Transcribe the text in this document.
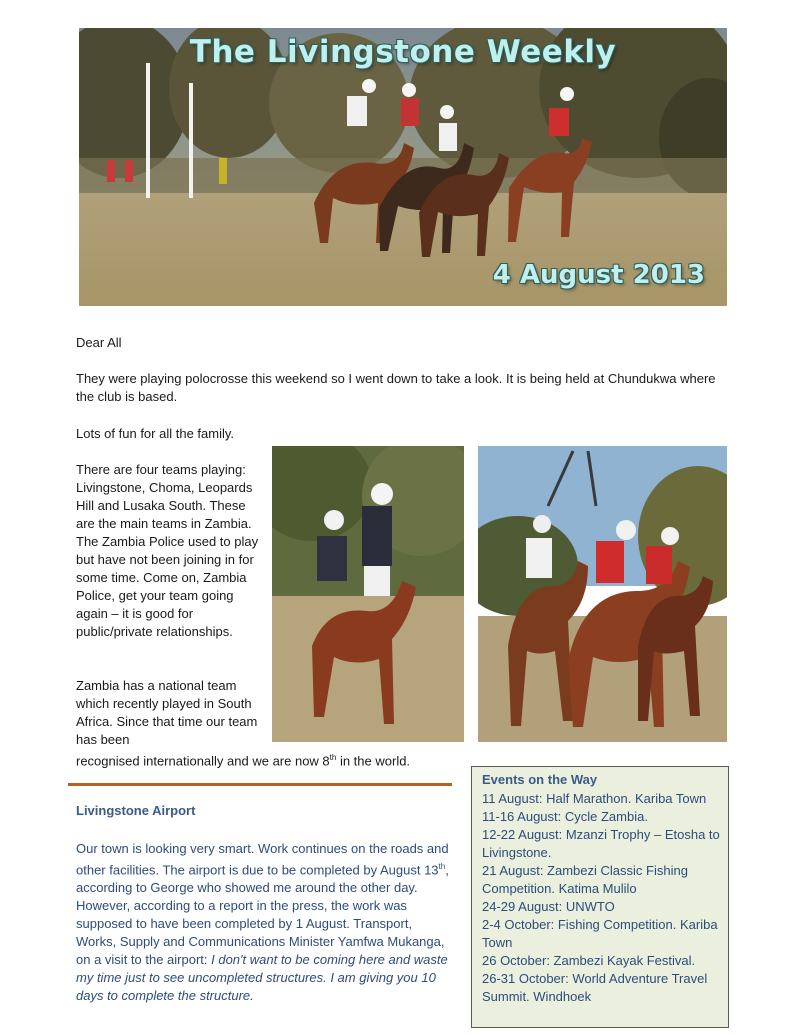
The Livingstone Weekly
4 August 2013

Dear All

They were playing polocrosse this weekend so I went down to take a look. It is being held at Chundukwa where the club is based.

Lots of fun for all the family.

There are four teams playing: Livingstone, Choma, Leopards Hill and Lusaka South. These are the main teams in Zambia. The Zambia Police used to play but have not been joining in for some time. Come on, Zambia Police, get your team going again – it is good for public/private relationships.

Zambia has a national team which recently played in South Africa. Since that time our team has been

recognised internationally and we are now 8th in the world.

Livingstone Airport

Our town is looking very smart. Work continues on the roads and other facilities. The airport is due to be completed by August 13th, according to George who showed me around the other day. However, according to a report in the press, the work was supposed to have been completed by 1 August. Transport, Works, Supply and Communications Minister Yamfwa Mukanga, on a visit to the airport: I don't want to be coming here and waste my time just to see uncompleted structures. I am giving you 10 days to complete the structure.

Events on the Way
11 August: Half Marathon. Kariba Town
11-16 August: Cycle Zambia.
12-22 August: Mzanzi Trophy – Etosha to Livingstone.
21 August: Zambezi Classic Fishing Competition. Katima Mulilo
24-29 August: UNWTO
2-4 October: Fishing Competition. Kariba Town
26 October: Zambezi Kayak Festival.
26-31 October: World Adventure Travel Summit. Windhoek
